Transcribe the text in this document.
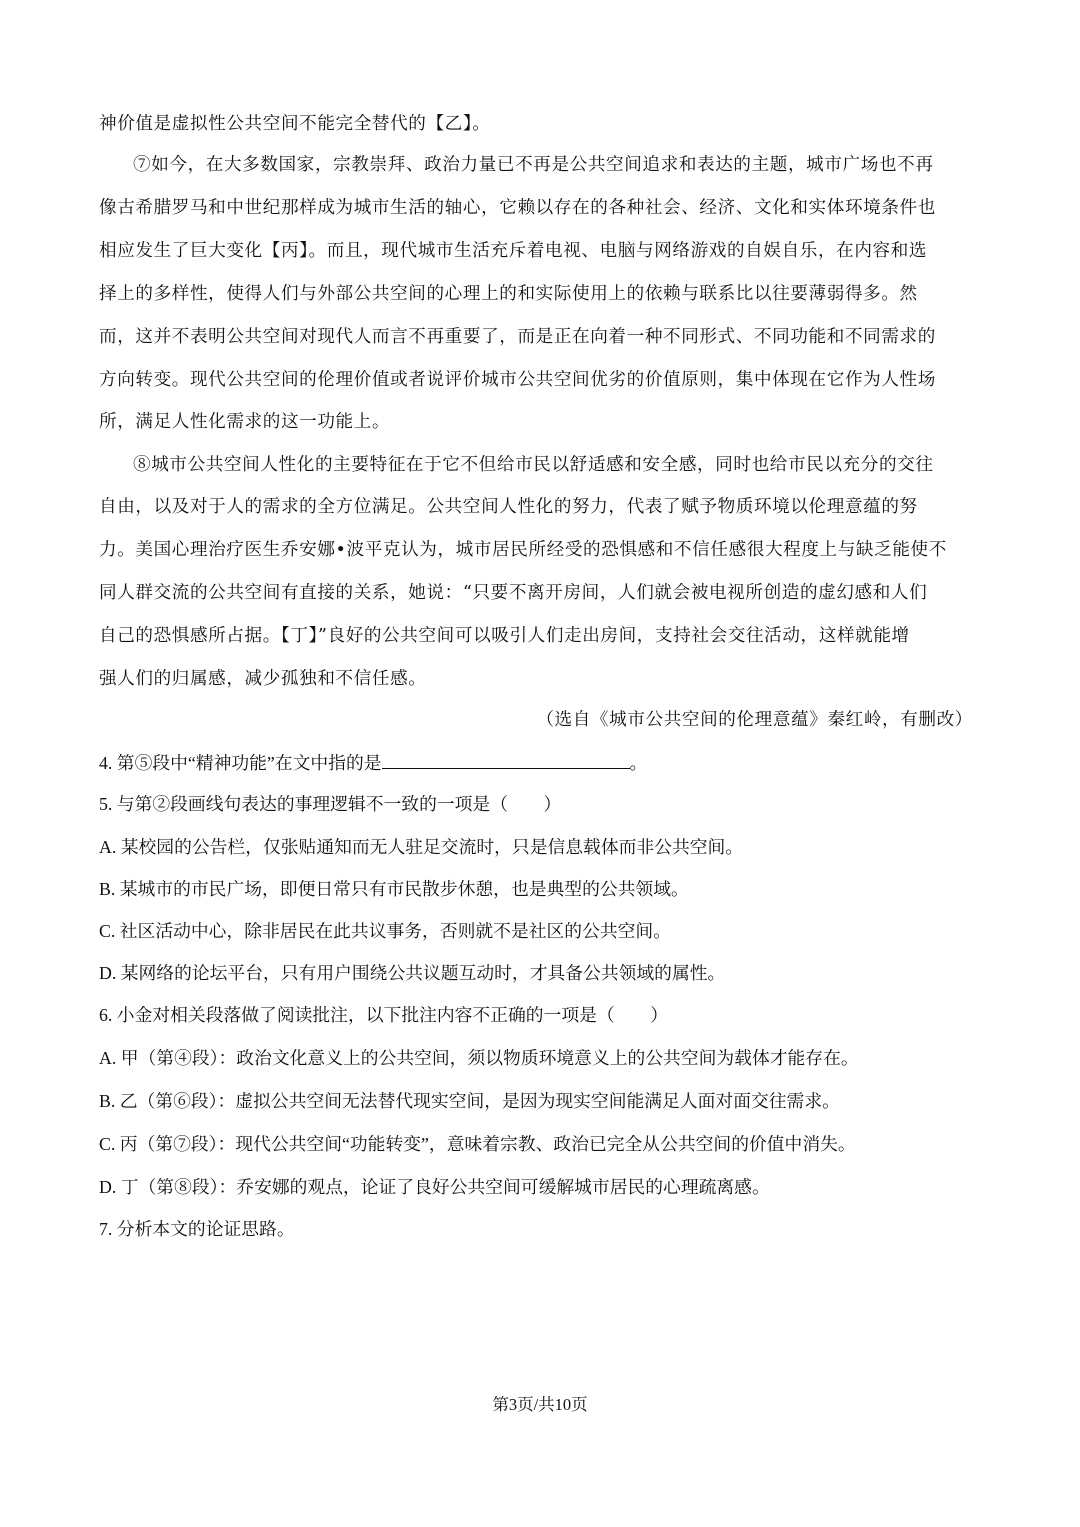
神价值是虚拟性公共空间不能完全替代的【乙】。
⑦如今，在大多数国家，宗教崇拜、政治力量已不再是公共空间追求和表达的主题，城市广场也不再
像古希腊罗马和中世纪那样成为城市生活的轴心，它赖以存在的各种社会、经济、文化和实体环境条件也
相应发生了巨大变化【丙】。而且，现代城市生活充斥着电视、电脑与网络游戏的自娱自乐，在内容和选
择上的多样性，使得人们与外部公共空间的心理上的和实际使用上的依赖与联系比以往要薄弱得多。然
而，这并不表明公共空间对现代人而言不再重要了，而是正在向着一种不同形式、不同功能和不同需求的
方向转变。现代公共空间的伦理价值或者说评价城市公共空间优劣的价值原则，集中体现在它作为人性场
所，满足人性化需求的这一功能上。
⑧城市公共空间人性化的主要特征在于它不但给市民以舒适感和安全感，同时也给市民以充分的交往
自由，以及对于人的需求的全方位满足。公共空间人性化的努力，代表了赋予物质环境以伦理意蕴的努
力。美国心理治疗医生乔安娜•波平克认为，城市居民所经受的恐惧感和不信任感很大程度上与缺乏能使不
同人群交流的公共空间有直接的关系，她说：“只要不离开房间，人们就会被电视所创造的虚幻感和人们
自己的恐惧感所占据。【丁】”良好的公共空间可以吸引人们走出房间，支持社会交往活动，这样就能增
强人们的归属感，减少孤独和不信任感。
（选自《城市公共空间的伦理意蕴》秦红岭，有删改）
4. 第⑤段中“精神功能”在文中指的是	。
5. 与第②段画线句表达的事理逻辑不一致的一项是（　　）
A. 某校园的公告栏，仅张贴通知而无人驻足交流时，只是信息载体而非公共空间。
B. 某城市的市民广场，即便日常只有市民散步休憩，也是典型的公共领域。
C. 社区活动中心，除非居民在此共议事务，否则就不是社区的公共空间。
D. 某网络的论坛平台，只有用户围绕公共议题互动时，才具备公共领域的属性。
6. 小金对相关段落做了阅读批注，以下批注内容不正确的一项是（　　）
A. 甲（第④段）：政治文化意义上的公共空间，须以物质环境意义上的公共空间为载体才能存在。
B. 乙（第⑥段）：虚拟公共空间无法替代现实空间，是因为现实空间能满足人面对面交往需求。
C. 丙（第⑦段）：现代公共空间“功能转变”，意味着宗教、政治已完全从公共空间的价值中消失。
D. 丁（第⑧段）：乔安娜的观点，论证了良好公共空间可缓解城市居民的心理疏离感。
7. 分析本文的论证思路。
第3页/共10页
